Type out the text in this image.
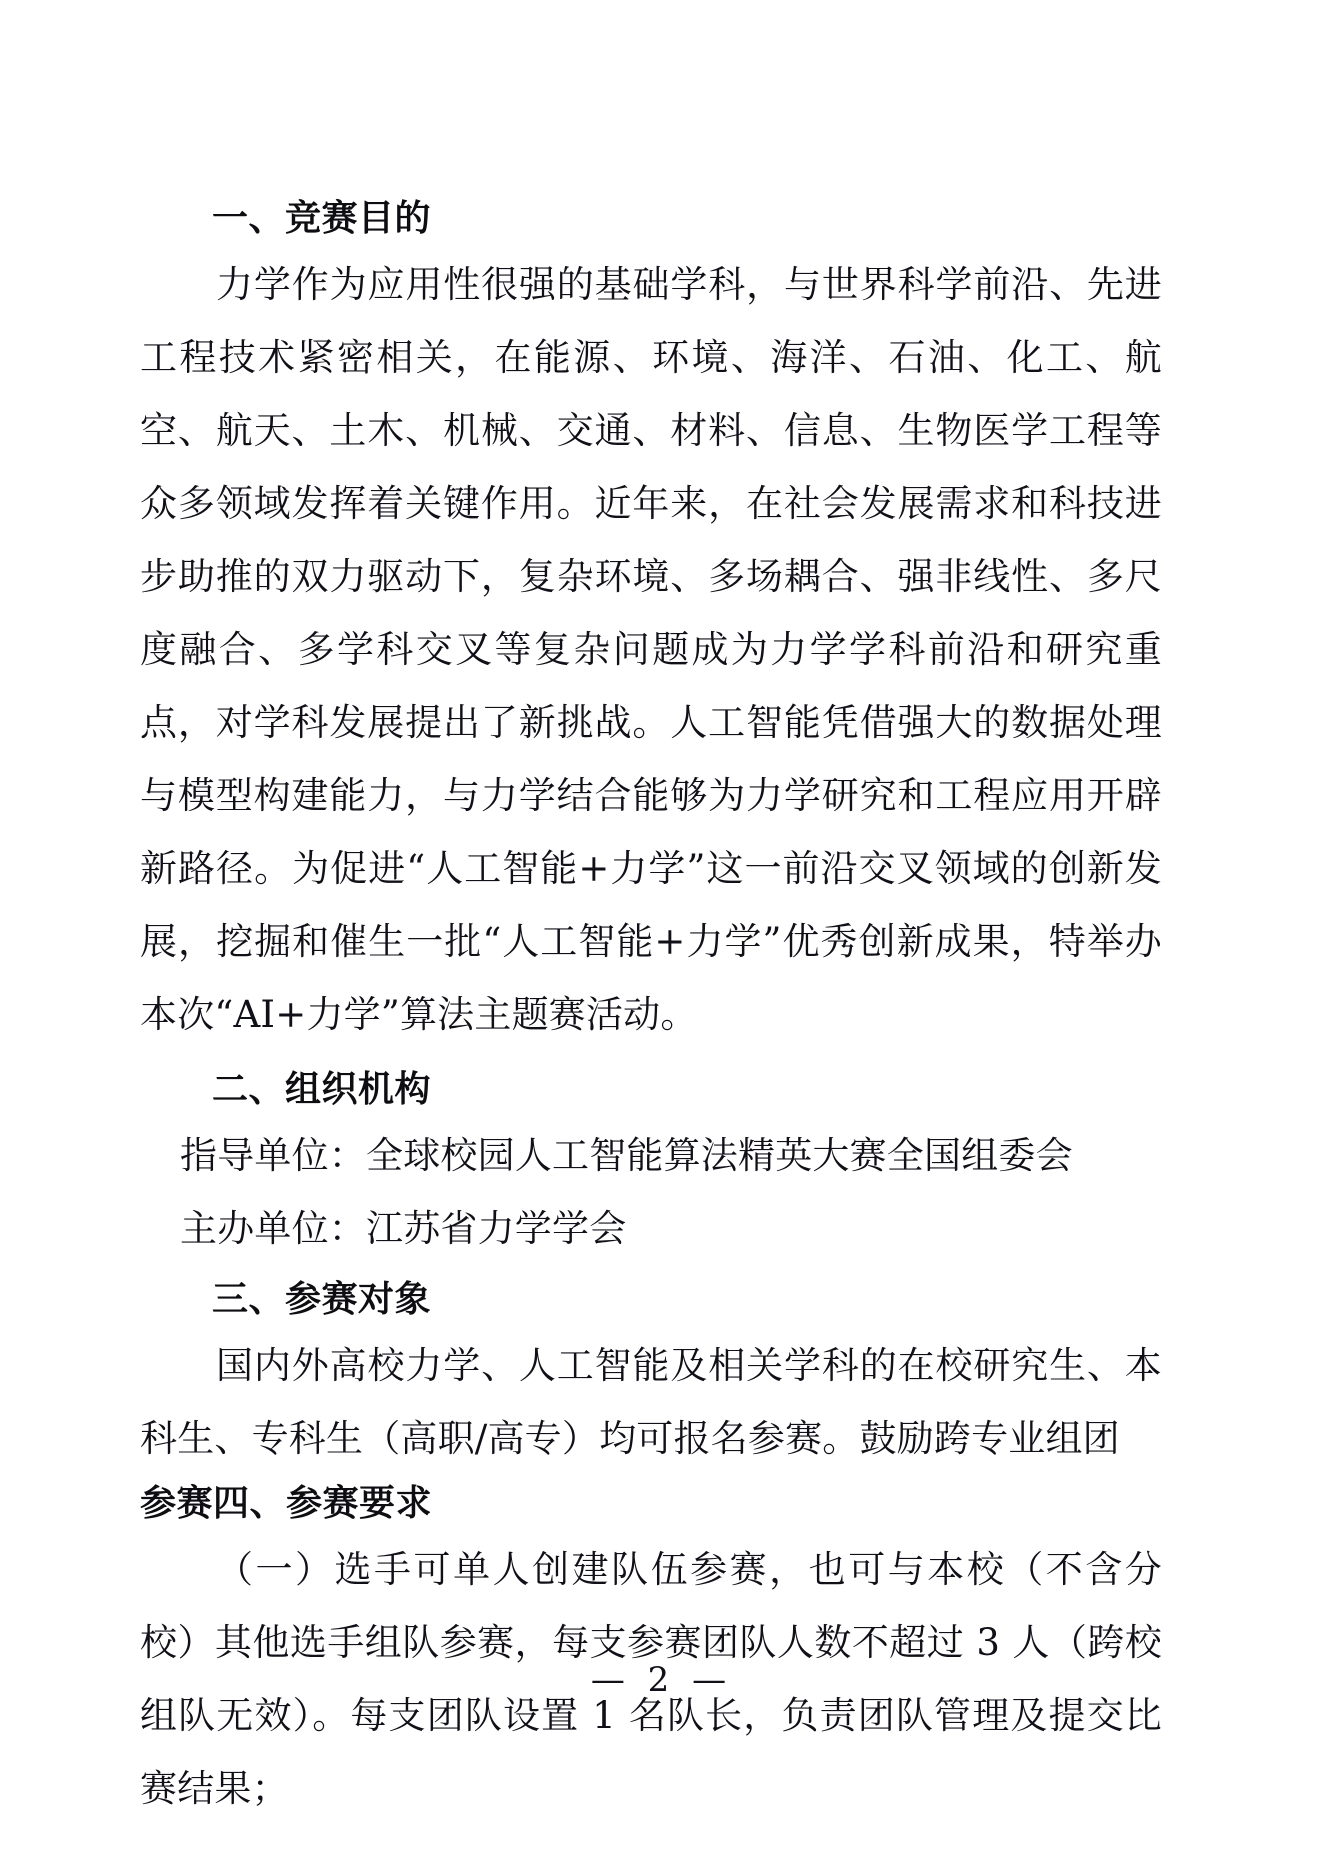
一、竞赛目的

力学作为应用性很强的基础学科，与世界科学前沿、先进工程技术紧密相关，在能源、环境、海洋、石油、化工、航空、航天、土木、机械、交通、材料、信息、生物医学工程等众多领域发挥着关键作用。近年来，在社会发展需求和科技进步助推的双力驱动下，复杂环境、多场耦合、强非线性、多尺度融合、多学科交叉等复杂问题成为力学学科前沿和研究重点，对学科发展提出了新挑战。人工智能凭借强大的数据处理与模型构建能力，与力学结合能够为力学研究和工程应用开辟新路径。为促进“人工智能+力学”这一前沿交叉领域的创新发展，挖掘和催生一批“人工智能+力学”优秀创新成果，特举办本次“AI+力学”算法主题赛活动。

二、组织机构

指导单位：全球校园人工智能算法精英大赛全国组委会

主办单位：江苏省力学学会

三、参赛对象

国内外高校力学、人工智能及相关学科的在校研究生、本科生、专科生（高职/高专）均可报名参赛。鼓励跨专业组团

参赛四、参赛要求

（一）选手可单人创建队伍参赛，也可与本校（不含分校）其他选手组队参赛，每支参赛团队人数不超过 3 人（跨校组队无效）。每支团队设置 1 名队长，负责团队管理及提交比赛结果；

— 2 —
